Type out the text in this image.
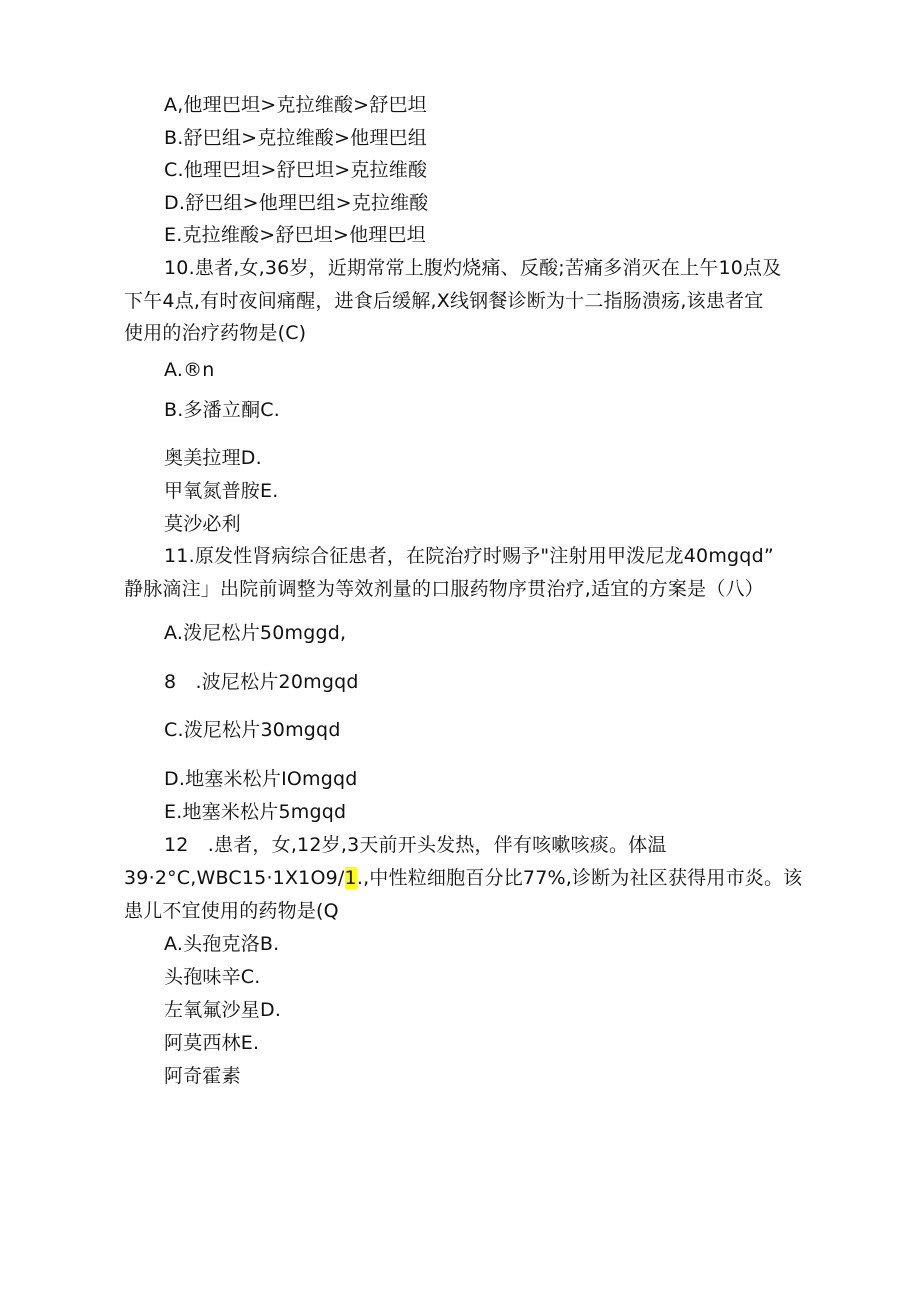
A,他理巴坦>克拉维酸>舒巴坦
B.舒巴组>克拉维酸>他理巴组
C.他理巴坦>舒巴坦>克拉维酸
D.舒巴组>他理巴组>克拉维酸
E.克拉维酸>舒巴坦>他理巴坦
10.患者,女,36岁，近期常常上腹灼烧痛、反酸;苦痛多消灭在上午10点及
下午4点,有时夜间痛醒，进食后缓解,X线钢餐诊断为十二指肠溃疡,该患者宜
使用的治疗药物是(C)
A.®n
B.多潘立酮C.
奥美拉理D.
甲氧氮普胺E.
莫沙必利
11.原发性肾病综合征患者，在院治疗时赐予"注射用甲泼尼龙40mgqd”
静脉滴注」出院前调整为等效剂量的口服药物序贯治疗,适宜的方案是（八）
A.泼尼松片50mggd,
8　.波尼松片20mgqd
C.泼尼松片30mgqd
D.地塞米松片IOmgqd
E.地塞米松片5mgqd
12　.患者，女,12岁,3天前开头发热，伴有咳嗽咳痰。体温
39·2°C,WBC15·1X1O9/1.,中性粒细胞百分比77%,诊断为社区获得用市炎。该
患儿不宜使用的药物是(Q
A.头孢克洛B.
头孢味辛C.
左氧氟沙星D.
阿莫西林E.
阿奇霍素
